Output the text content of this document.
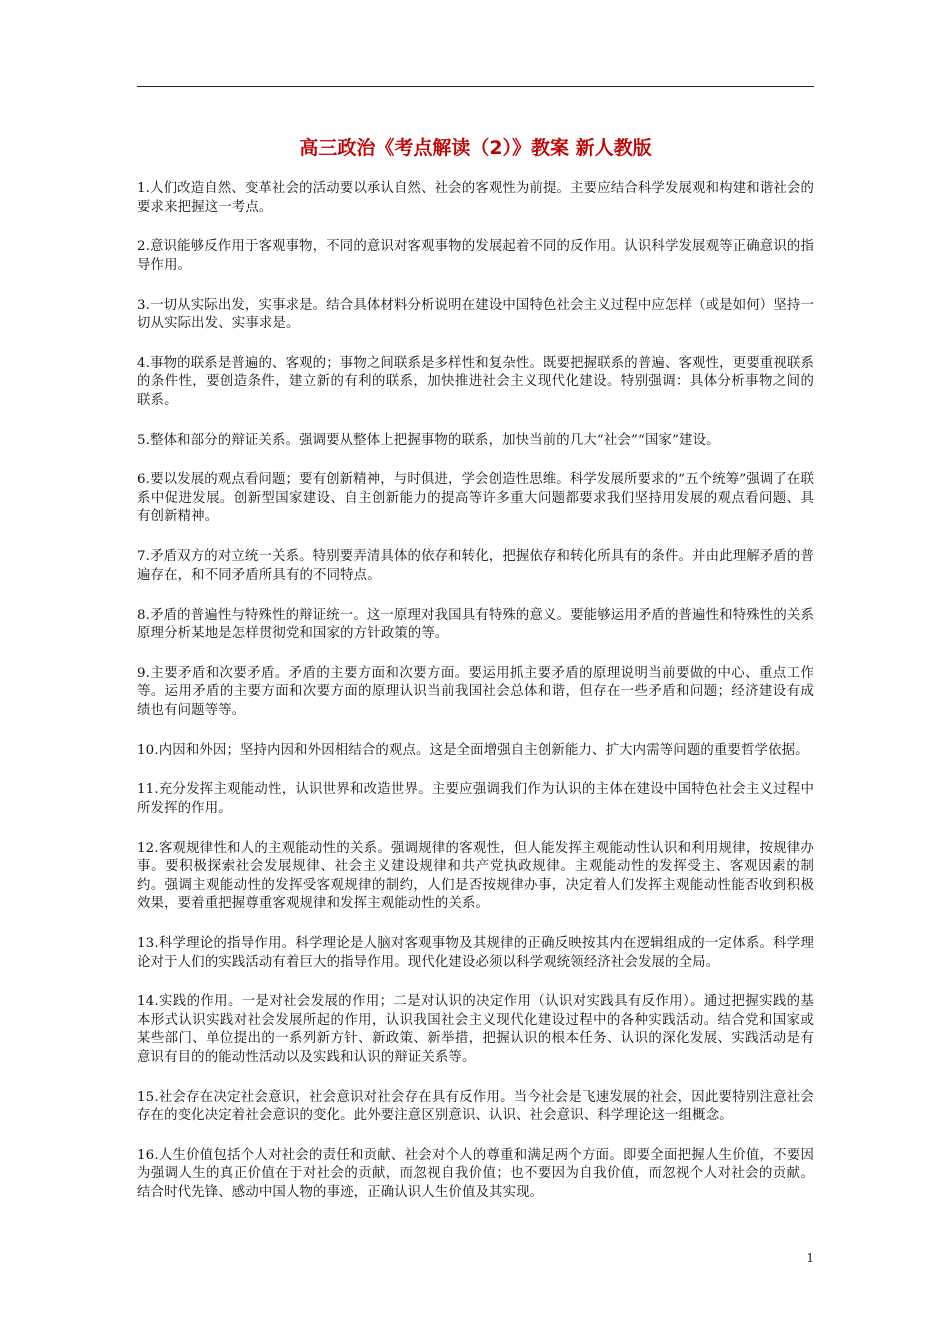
高三政治《考点解读（2）》教案 新人教版

1.人们改造自然、变革社会的活动要以承认自然、社会的客观性为前提。主要应结合科学发展观和构建和谐社会的要求来把握这一考点。

2.意识能够反作用于客观事物，不同的意识对客观事物的发展起着不同的反作用。认识科学发展观等正确意识的指导作用。

3.一切从实际出发，实事求是。结合具体材料分析说明在建设中国特色社会主义过程中应怎样（或是如何）坚持一切从实际出发、实事求是。

4.事物的联系是普遍的、客观的；事物之间联系是多样性和复杂性。既要把握联系的普遍、客观性，更要重视联系的条件性，要创造条件，建立新的有利的联系，加快推进社会主义现代化建设。特别强调：具体分析事物之间的联系。

5.整体和部分的辩证关系。强调要从整体上把握事物的联系，加快当前的几大“社会”“国家”建设。

6.要以发展的观点看问题；要有创新精神，与时俱进，学会创造性思维。科学发展所要求的“五个统筹”强调了在联系中促进发展。创新型国家建设、自主创新能力的提高等许多重大问题都要求我们坚持用发展的观点看问题、具有创新精神。

7.矛盾双方的对立统一关系。特别要弄清具体的依存和转化，把握依存和转化所具有的条件。并由此理解矛盾的普遍存在，和不同矛盾所具有的不同特点。

8.矛盾的普遍性与特殊性的辩证统一。这一原理对我国具有特殊的意义。要能够运用矛盾的普遍性和特殊性的关系原理分析某地是怎样贯彻党和国家的方针政策的等。

9.主要矛盾和次要矛盾。矛盾的主要方面和次要方面。要运用抓主要矛盾的原理说明当前要做的中心、重点工作等。运用矛盾的主要方面和次要方面的原理认识当前我国社会总体和谐，但存在一些矛盾和问题；经济建设有成绩也有问题等等。

10.内因和外因；坚持内因和外因相结合的观点。这是全面增强自主创新能力、扩大内需等问题的重要哲学依据。

11.充分发挥主观能动性，认识世界和改造世界。主要应强调我们作为认识的主体在建设中国特色社会主义过程中所发挥的作用。

12.客观规律性和人的主观能动性的关系。强调规律的客观性，但人能发挥主观能动性认识和利用规律，按规律办事。要积极探索社会发展规律、社会主义建设规律和共产党执政规律。主观能动性的发挥受主、客观因素的制约。强调主观能动性的发挥受客观规律的制约，人们是否按规律办事，决定着人们发挥主观能动性能否收到积极效果，要着重把握尊重客观规律和发挥主观能动性的关系。

13.科学理论的指导作用。科学理论是人脑对客观事物及其规律的正确反映按其内在逻辑组成的一定体系。科学理论对于人们的实践活动有着巨大的指导作用。现代化建设必须以科学观统领经济社会发展的全局。

14.实践的作用。一是对社会发展的作用；二是对认识的决定作用（认识对实践具有反作用）。通过把握实践的基本形式认识实践对社会发展所起的作用，认识我国社会主义现代化建设过程中的各种实践活动。结合党和国家或某些部门、单位提出的一系列新方针、新政策、新举措，把握认识的根本任务、认识的深化发展、实践活动是有意识有目的的能动性活动以及实践和认识的辩证关系等。

15.社会存在决定社会意识，社会意识对社会存在具有反作用。当今社会是飞速发展的社会，因此要特别注意社会存在的变化决定着社会意识的变化。此外要注意区别意识、认识、社会意识、科学理论这一组概念。

16.人生价值包括个人对社会的责任和贡献、社会对个人的尊重和满足两个方面。即要全面把握人生价值，不要因为强调人生的真正价值在于对社会的贡献，而忽视自我价值；也不要因为自我价值，而忽视个人对社会的贡献。结合时代先锋、感动中国人物的事迹，正确认识人生价值及其实现。

1
